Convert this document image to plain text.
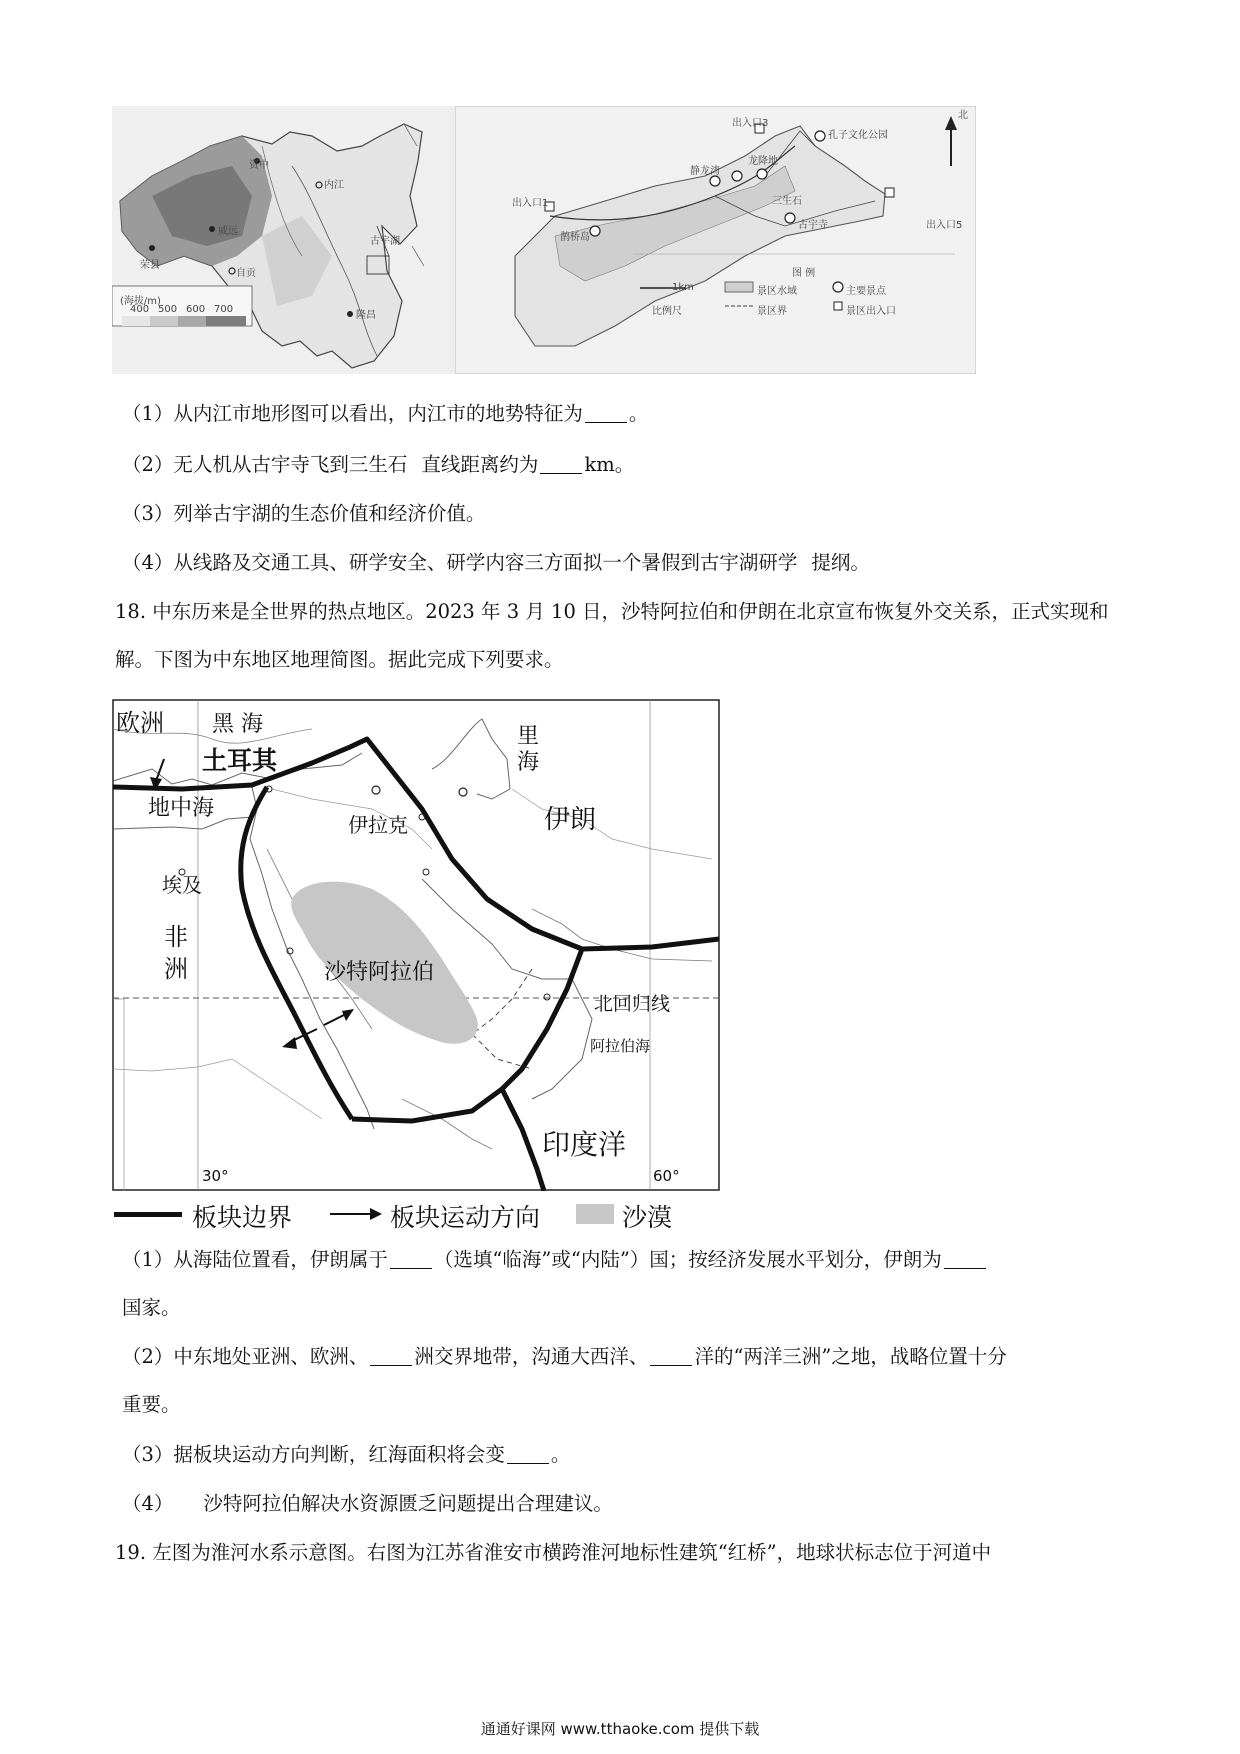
资中
内江
威远
隆昌
荣县
自贡
古宇湖
(海拔/m)
400 500 600 700
出入口3
出入口1
出入口5
孔子文化公园
龙降地
静龙湾
古宇寺
三生石
鹊桥岛
北
图 例
1km
比例尺
景区水域	主要景点
景区界	景区出入口
（1）从内江市地形图可以看出，内江市的地势特征为 。
（2）无人机从古宇寺飞到三生石 直线距离约为 km。
（3）列举古宇湖的生态价值和经济价值。
（4）从线路及交通工具、研学安全、研学内容三方面拟一个暑假到古宇湖研学 提纲。
18. 中东历来是全世界的热点地区。2023 年 3 月 10 日，沙特阿拉伯和伊朗在北京宣布恢复外交关系，正式实现和解。下图为中东地区地理简图。据此完成下列要求。
欧洲 黑 海
土耳其
里
海
地中海
伊拉克	伊朗
埃及
非
洲	沙特阿拉伯
北回归线
阿拉伯海
印度洋
30°	60°
板块边界	板块运动方向	沙漠
（1）从海陆位置看，伊朗属于 （选填“临海”或“内陆”）国；按经济发展水平划分，伊朗为
国家。
（2）中东地处亚洲、欧洲、 洲交界地带，沟通大西洋、 洋的“两洋三洲”之地，战略位置十分
重要。
（3）据板块运动方向判断，红海面积将会变 。
（4） 沙特阿拉伯解决水资源匮乏问题提出合理建议。
19. 左图为淮河水系示意图。右图为江苏省淮安市横跨淮河地标性建筑“红桥”，地球状标志位于河道中
通通好课网 www.tthaoke.com 提供下载
